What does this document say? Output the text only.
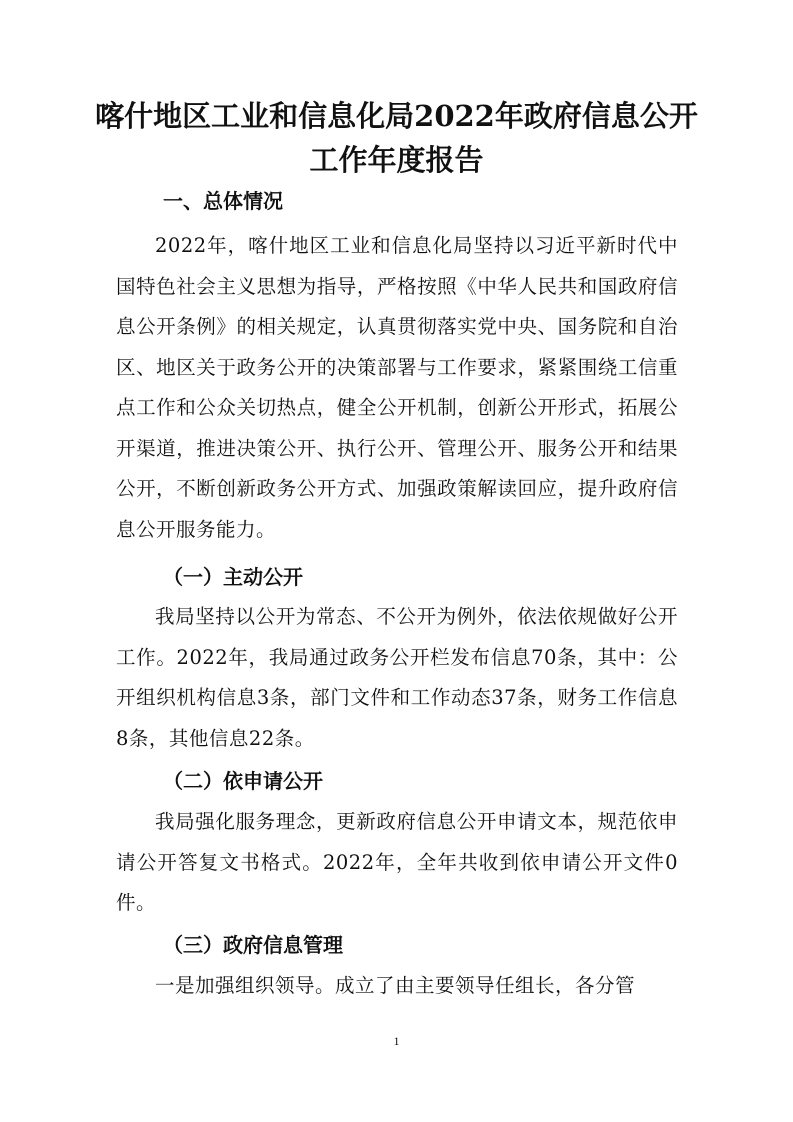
喀什地区工业和信息化局2022年政府信息公开
工作年度报告
一、总体情况
2022年，喀什地区工业和信息化局坚持以习近平新时代中国特色社会主义思想为指导，严格按照《中华人民共和国政府信息公开条例》的相关规定，认真贯彻落实党中央、国务院和自治区、地区关于政务公开的决策部署与工作要求，紧紧围绕工信重点工作和公众关切热点，健全公开机制，创新公开形式，拓展公开渠道，推进决策公开、执行公开、管理公开、服务公开和结果公开，不断创新政务公开方式、加强政策解读回应，提升政府信息公开服务能力。
（一）主动公开
我局坚持以公开为常态、不公开为例外，依法依规做好公开工作。2022年，我局通过政务公开栏发布信息70条，其中：公开组织机构信息3条，部门文件和工作动态37条，财务工作信息8条，其他信息22条。
（二）依申请公开
我局强化服务理念，更新政府信息公开申请文本，规范依申请公开答复文书格式。2022年，全年共收到依申请公开文件0件。
（三）政府信息管理
一是加强组织领导。成立了由主要领导任组长，各分管
1
